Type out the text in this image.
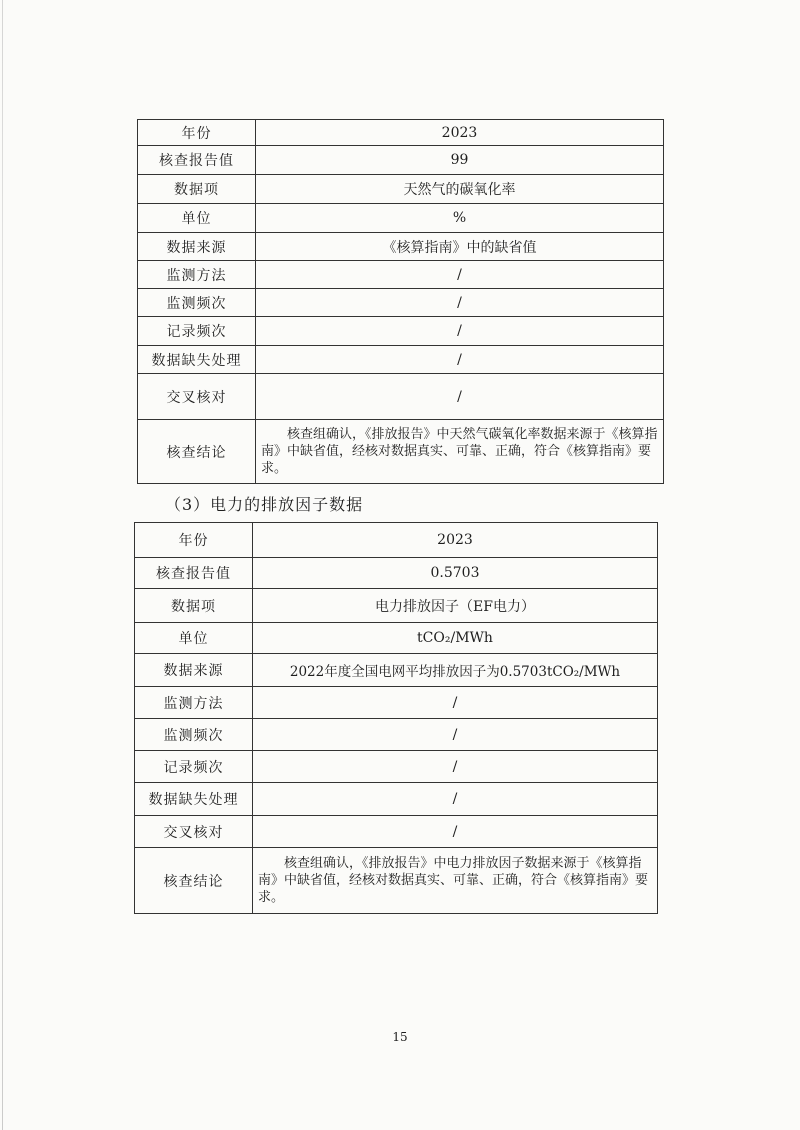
年份	2023
核查报告值	99
数据项	天然气的碳氧化率
单位	%
数据来源	《核算指南》中的缺省值
监测方法	/
监测频次	/
记录频次	/
数据缺失处理	/
交叉核对	/
核查结论	核查组确认，《排放报告》中天然气碳氧化率数据来源于《核算指南》中缺省值，经核对数据真实、可靠、正确，符合《核算指南》要求。
（3）电力的排放因子数据
年份	2023
核查报告值	0.5703
数据项	电力排放因子（EF电力）
单位	tCO₂/MWh
数据来源	2022年度全国电网平均排放因子为0.5703tCO₂/MWh
监测方法	/
监测频次	/
记录频次	/
数据缺失处理	/
交叉核对	/
核查结论	核查组确认，《排放报告》中电力排放因子数据来源于《核算指南》中缺省值，经核对数据真实、可靠、正确，符合《核算指南》要求。
15
